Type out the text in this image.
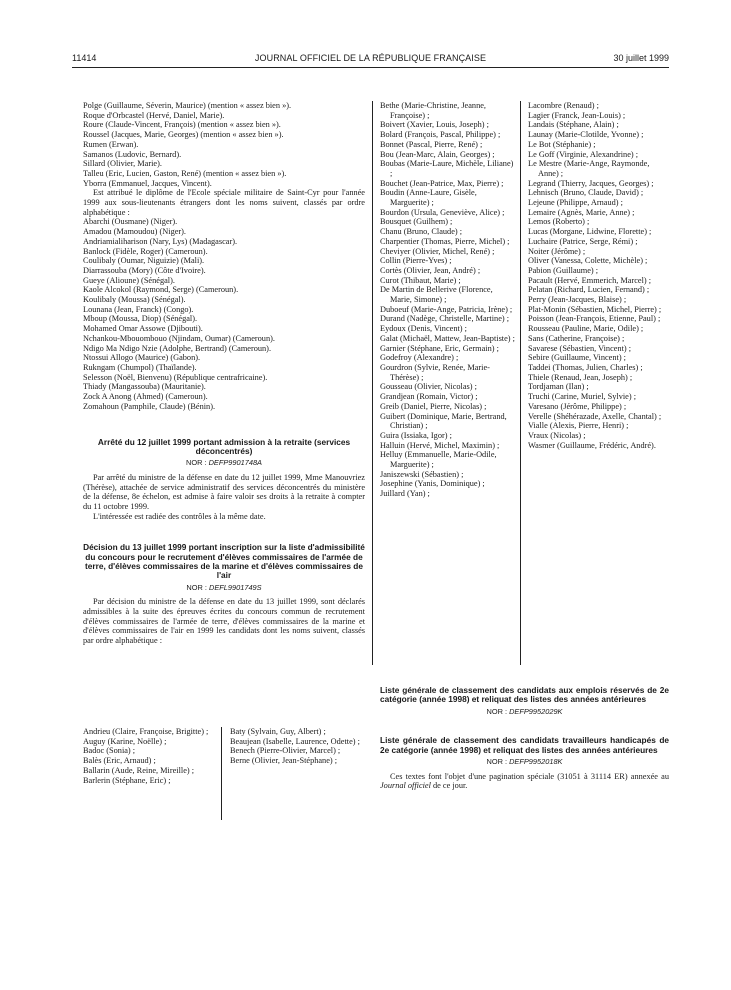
11414	JOURNAL OFFICIEL DE LA RÉPUBLIQUE FRANÇAISE	30 juillet 1999
Polge (Guillaume, Séverin, Maurice) (mention « assez bien »).
Roque d'Orbcastel (Hervé, Daniel, Marie).
Roure (Claude-Vincent, François) (mention « assez bien »).
Roussel (Jacques, Marie, Georges) (mention « assez bien »).
Rumen (Erwan).
Samanos (Ludovic, Bernard).
Sillard (Olivier, Marie).
Talleu (Eric, Lucien, Gaston, René) (mention « assez bien »).
Yborra (Emmanuel, Jacques, Vincent).
Est attribué le diplôme de l'Ecole spéciale militaire de Saint-Cyr pour l'année 1999 aux sous-lieutenants étrangers dont les noms suivent, classés par ordre alphabétique :
Abarchi (Ousmane) (Niger).
Amadou (Mamoudou) (Niger).
Andriamialiharison (Nary, Lys) (Madagascar).
Banlock (Fidèle, Roger) (Cameroun).
Coulibaly (Oumar, Niguizie) (Mali).
Diarrassouba (Mory) (Côte d'Ivoire).
Gueye (Alioune) (Sénégal).
Kaole Alcokol (Raymond, Serge) (Cameroun).
Koulibaly (Moussa) (Sénégal).
Lounana (Jean, Franck) (Congo).
Mboup (Moussa, Diop) (Sénégal).
Mohamed Omar Assowe (Djibouti).
Nchankou-Mbouombouo (Njindam, Oumar) (Cameroun).
Ndigo Ma Ndigo Nzie (Adolphe, Bertrand) (Cameroun).
Ntossui Allogo (Maurice) (Gabon).
Rukngam (Chumpol) (Thaïlande).
Selesson (Noël, Bienvenu) (République centrafricaine).
Thiady (Mangassouba) (Mauritanie).
Zock A Anong (Ahmed) (Cameroun).
Zomahoun (Pamphile, Claude) (Bénin).
Arrêté du 12 juillet 1999 portant admission à la retraite (services déconcentrés)
NOR : DEFP9901748A
Par arrêté du ministre de la défense en date du 12 juillet 1999, Mme Manouvriez (Thérèse), attachée de service administratif des services déconcentrés du ministère de la défense, 8e échelon, est admise à faire valoir ses droits à la retraite à compter du 11 octobre 1999.
L'intéressée est radiée des contrôles à la même date.
Décision du 13 juillet 1999 portant inscription sur la liste d'admissibilité du concours pour le recrutement d'élèves commissaires de l'armée de terre, d'élèves commissaires de la marine et d'élèves commissaires de l'air
NOR : DEFL9901749S
Par décision du ministre de la défense en date du 13 juillet 1999, sont déclarés admissibles à la suite des épreuves écrites du concours commun de recrutement d'élèves commissaires de l'armée de terre, d'élèves commissaires de la marine et d'élèves commissaires de l'air en 1999 les candidats dont les noms suivent, classés par ordre alphabétique :
Andrieu (Claire, Françoise, Brigitte) ;
Auguy (Karine, Noëlle) ;
Badoc (Sonia) ;
Balès (Eric, Arnaud) ;
Ballarin (Aude, Reine, Mireille) ;
Barlerin (Stéphane, Eric) ;
Baty (Sylvain, Guy, Albert) ;
Beaujean (Isabelle, Laurence, Odette) ;
Benech (Pierre-Olivier, Marcel) ;
Berne (Olivier, Jean-Stéphane) ;
Bethe (Marie-Christine, Jeanne, Françoise) ;
Boivert (Xavier, Louis, Joseph) ;
Bolard (François, Pascal, Philippe) ;
Bonnet (Pascal, Pierre, René) ;
Bou (Jean-Marc, Alain, Georges) ;
Boubas (Marie-Laure, Michèle, Liliane) ;
Bouchet (Jean-Patrice, Max, Pierre) ;
Boudin (Anne-Laure, Gisèle, Marguerite) ;
Bourdon (Ursula, Geneviève, Alice) ;
Bousquet (Guilhem) ;
Chanu (Bruno, Claude) ;
Charpentier (Thomas, Pierre, Michel) ;
Cheviyer (Olivier, Michel, René) ;
Collin (Pierre-Yves) ;
Cortès (Olivier, Jean, André) ;
Curot (Thibaut, Marie) ;
De Martin de Bellerive (Florence, Marie, Simone) ;
Duboeuf (Marie-Ange, Patricia, Irène) ;
Durand (Nadège, Christelle, Martine) ;
Eydoux (Denis, Vincent) ;
Galat (Michaël, Mattew, Jean-Baptiste) ;
Garnier (Stéphane, Eric, Germain) ;
Godefroy (Alexandre) ;
Gourdron (Sylvie, Renée, Marie-Thérèse) ;
Gousseau (Olivier, Nicolas) ;
Grandjean (Romain, Victor) ;
Greib (Daniel, Pierre, Nicolas) ;
Guibert (Dominique, Marie, Bertrand, Christian) ;
Guira (Issiaka, Igor) ;
Halluin (Hervé, Michel, Maximin) ;
Helluy (Emmanuelle, Marie-Odile, Marguerite) ;
Janiszewski (Sébastien) ;
Josephine (Yanis, Dominique) ;
Juillard (Yan) ;
Lacombre (Renaud) ;
Lagier (Franck, Jean-Louis) ;
Landais (Stéphane, Alain) ;
Launay (Marie-Clotilde, Yvonne) ;
Le Bot (Stéphanie) ;
Le Goff (Virginie, Alexandrine) ;
Le Mestre (Marie-Ange, Raymonde, Anne) ;
Legrand (Thierry, Jacques, Georges) ;
Lehnisch (Bruno, Claude, David) ;
Lejeune (Philippe, Arnaud) ;
Lemaire (Agnès, Marie, Anne) ;
Lemos (Roberto) ;
Lucas (Morgane, Lidwine, Florette) ;
Luchaire (Patrice, Serge, Rémi) ;
Noiter (Jérôme) ;
Oliver (Vanessa, Colette, Michèle) ;
Pabion (Guillaume) ;
Pacault (Hervé, Emmerich, Marcel) ;
Pelatan (Richard, Lucien, Fernand) ;
Perry (Jean-Jacques, Blaise) ;
Plat-Monin (Sébastien, Michel, Pierre) ;
Poisson (Jean-François, Etienne, Paul) ;
Rousseau (Pauline, Marie, Odile) ;
Sans (Catherine, Françoise) ;
Savarese (Sébastien, Vincent) ;
Sebire (Guillaume, Vincent) ;
Taddei (Thomas, Julien, Charles) ;
Thiele (Renaud, Jean, Joseph) ;
Tordjaman (Ilan) ;
Truchi (Carine, Muriel, Sylvie) ;
Varesano (Jérôme, Philippe) ;
Verelle (Shéhérazade, Axelle, Chantal) ;
Vialle (Alexis, Pierre, Henri) ;
Vraux (Nicolas) ;
Wasmer (Guillaume, Frédéric, André).
Liste générale de classement des candidats aux emplois réservés de 2e catégorie (année 1998) et reliquat des listes des années antérieures
NOR : DEFP9952029K
Liste générale de classement des candidats travailleurs handicapés de 2e catégorie (année 1998) et reliquat des listes des années antérieures
NOR : DEFP9952018K
Ces textes font l'objet d'une pagination spéciale (31051 à 31114 ER) annexée au Journal officiel de ce jour.
